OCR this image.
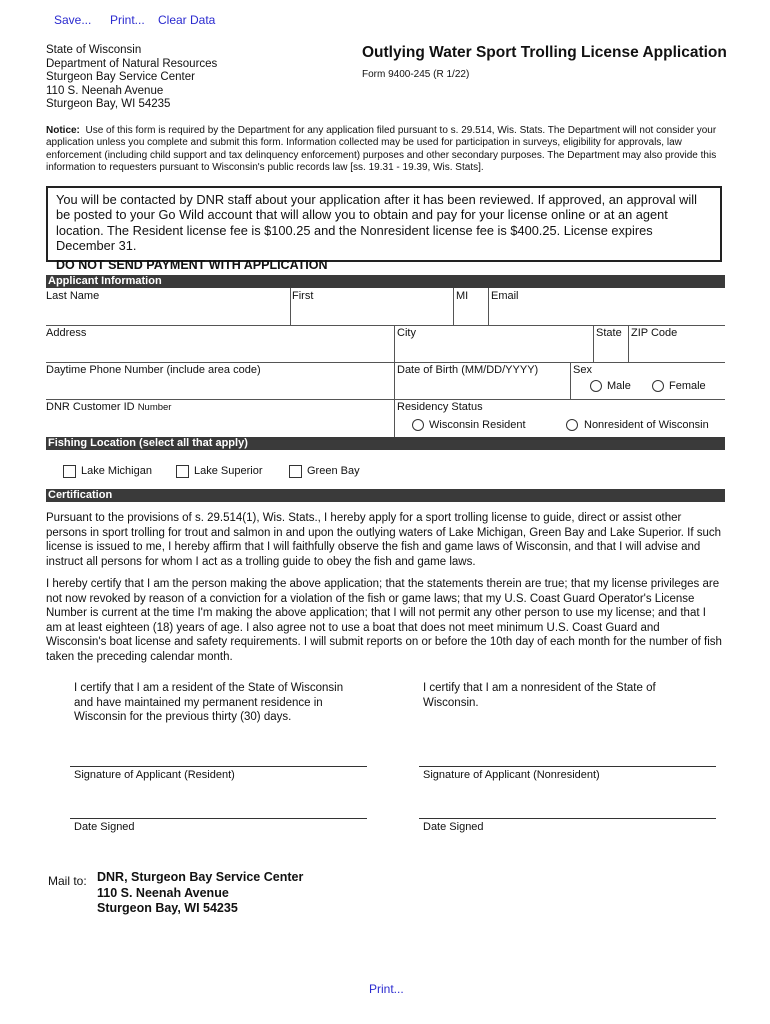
Save... Print... Clear Data
State of Wisconsin
Department of Natural Resources
Sturgeon Bay Service Center
110 S. Neenah Avenue
Sturgeon Bay, WI 54235
Outlying Water Sport Trolling License Application
Form 9400-245 (R 1/22)
Notice: Use of this form is required by the Department for any application filed pursuant to s. 29.514, Wis. Stats. The Department will not consider your application unless you complete and submit this form. Information collected may be used for participation in surveys, eligibility for approvals, law enforcement (including child support and tax delinquency enforcement) purposes and other secondary purposes. The Department may also provide this information to requesters pursuant to Wisconsin's public records law [ss. 19.31 - 19.39, Wis. Stats].
You will be contacted by DNR staff about your application after it has been reviewed. If approved, an approval will be posted to your Go Wild account that will allow you to obtain and pay for your license online or at an agent location. The Resident license fee is $100.25 and the Nonresident license fee is $400.25. License expires December 31.
DO NOT SEND PAYMENT WITH APPLICATION
Applicant Information
Last Name	First	MI Email
Address	City	State ZIP Code
Daytime Phone Number (include area code)	Date of Birth (MM/DD/YYYY)	Sex
Male	Female
DNR Customer ID Number	Residency Status
Wisconsin Resident	Nonresident of Wisconsin
Fishing Location (select all that apply)
Lake Michigan	Lake Superior	Green Bay
Certification
Pursuant to the provisions of s. 29.514(1), Wis. Stats., I hereby apply for a sport trolling license to guide, direct or assist other persons in sport trolling for trout and salmon in and upon the outlying waters of Lake Michigan, Green Bay and Lake Superior. If such license is issued to me, I hereby affirm that I will faithfully observe the fish and game laws of Wisconsin, and that I will advise and instruct all persons for whom I act as a trolling guide to obey the fish and game laws.
I hereby certify that I am the person making the above application; that the statements therein are true; that my license privileges are not now revoked by reason of a conviction for a violation of the fish or game laws; that my U.S. Coast Guard Operator's License Number is current at the time I'm making the above application; that I will not permit any other person to use my license; and that I am at least eighteen (18) years of age. I also agree not to use a boat that does not meet minimum U.S. Coast Guard and Wisconsin's boat license and safety requirements. I will submit reports on or before the 10th day of each month for the number of fish taken the preceding calendar month.
I certify that I am a resident of the State of Wisconsin and have maintained my permanent residence in Wisconsin for the previous thirty (30) days.
I certify that I am a nonresident of the State of Wisconsin.
Signature of Applicant (Resident)	Signature of Applicant (Nonresident)
Date Signed	Date Signed
Mail to: DNR, Sturgeon Bay Service Center
110 S. Neenah Avenue
Sturgeon Bay, WI 54235
Print...
